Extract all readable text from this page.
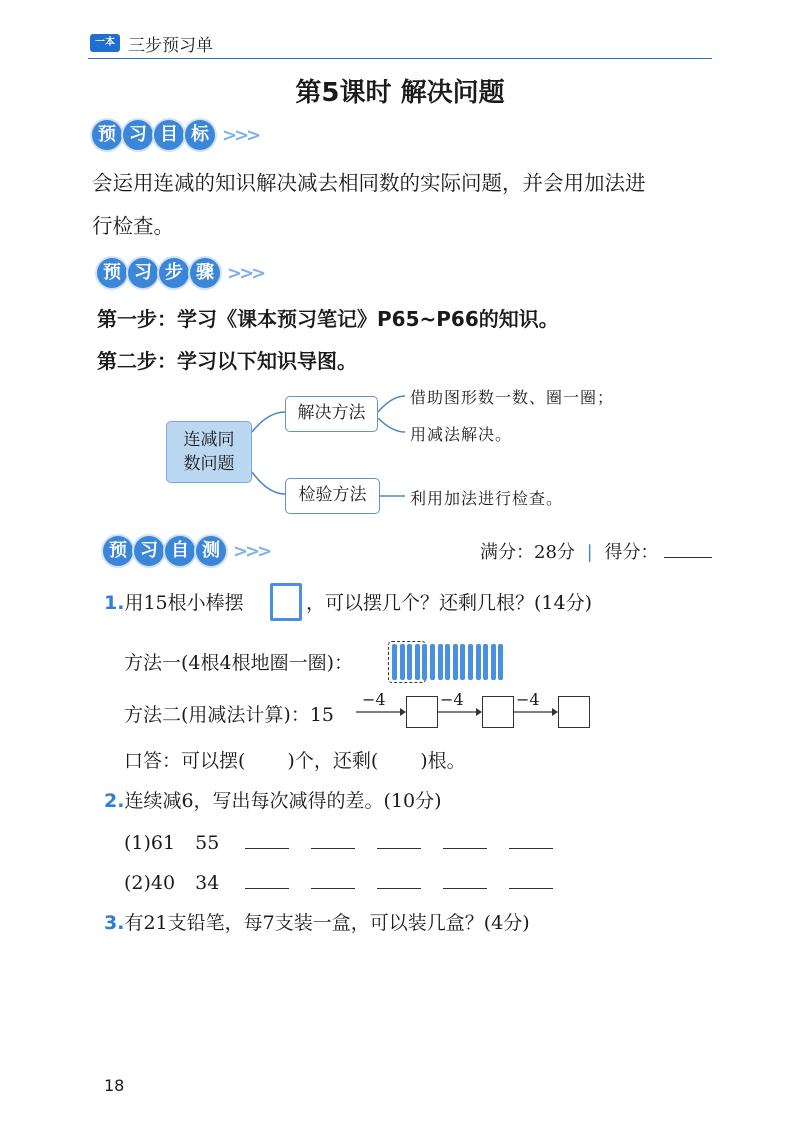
一本 三步预习单
第5课时 解决问题
预 习 目 标 >>>
会运用连减的知识解决减去相同数的实际问题，并会用加法进
行检查。
预 习 步 骤 >>>
第一步：学习《课本预习笔记》P65~P66的知识。
第二步：学习以下知识导图。
连减同
数问题
解决方法
检验方法
借助图形数一数、圈一圈；
用减法解决。
利用加法进行检查。
预 习 自 测 >>>	满分：28分 | 得分：
1.用15根小棒摆	，可以摆几个？还剩几根？(14分)
方法一(4根4根地圈一圈)：
方法二(用减法计算)：15
−4	−4	−4
口答：可以摆( )个，还剩( )根。
2.连续减6，写出每次减得的差。(10分)
(1)61 55
(2)40 34
3.有21支铅笔，每7支装一盒，可以装几盒？(4分)
18
